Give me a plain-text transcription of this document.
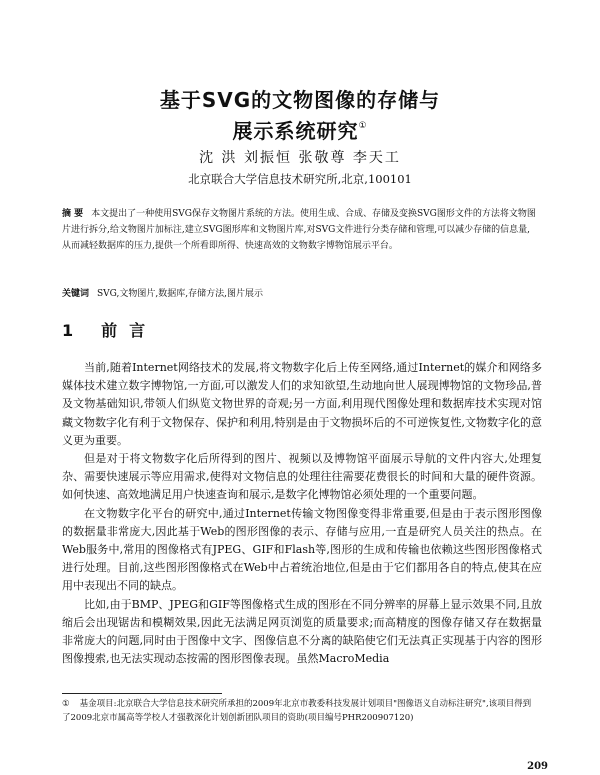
基于SVG的文物图像的存储与
展示系统研究①
沈 洪 刘振恒 张敬尊 李天工
北京联合大学信息技术研究所,北京,100101

摘 要 本文提出了一种使用SVG保存文物图片系统的方法。使用生成、合成、存储及变换SVG图形文件的方法将文物图片进行拆分,给文物图片加标注,建立SVG图形库和文物图片库,对SVG文件进行分类存储和管理,可以减少存储的信息量,从而减轻数据库的压力,提供一个所看即所得、快速高效的文物数字博物馆展示平台。

关键词 SVG,文物图片,数据库,存储方法,图片展示
1 前言

当前,随着Internet网络技术的发展,将文物数字化后上传至网络,通过Internet的媒介和网络多媒体技术建立数字博物馆,一方面,可以激发人们的求知欲望,生动地向世人展现博物馆的文物珍品,普及文物基础知识,带领人们纵览文物世界的奇观;另一方面,利用现代图像处理和数据库技术实现对馆藏文物数字化有利于文物保存、保护和利用,特别是由于文物损坏后的不可逆恢复性,文物数字化的意义更为重要。

但是对于将文物数字化后所得到的图片、视频以及博物馆平面展示导航的文件内容大,处理复杂、需要快速展示等应用需求,使得对文物信息的处理往往需要花费很长的时间和大量的硬件资源。如何快速、高效地满足用户快速查询和展示,是数字化博物馆必须处理的一个重要问题。

在文物数字化平台的研究中,通过Internet传输文物图像变得非常重要,但是由于表示图形图像的数据量非常庞大,因此基于Web的图形图像的表示、存储与应用,一直是研究人员关注的热点。在Web服务中,常用的图像格式有JPEG、GIF和Flash等,图形的生成和传输也依赖这些图形图像格式进行处理。目前,这些图形图像格式在Web中占着统治地位,但是由于它们都用各自的特点,使其在应用中表现出不同的缺点。

比如,由于BMP、JPEG和GIF等图像格式生成的图形在不同分辨率的屏幕上显示效果不同,且放缩后会出现锯齿和模糊效果,因此无法满足网页浏览的质量要求;而高精度的图像存储又存在数据量非常庞大的问题,同时由于图像中文字、图像信息不分离的缺陷使它们无法真正实现基于内容的图形图像搜索,也无法实现动态按需的图形图像表现。虽然MacroMedia

① 基金项目:北京联合大学信息技术研究所承担的2009年北京市教委科技发展计划项目"图像语义自动标注研究",该项目得到了2009北京市属高等学校人才强教深化计划创新团队项目的资助(项目编号PHR200907120)
209
